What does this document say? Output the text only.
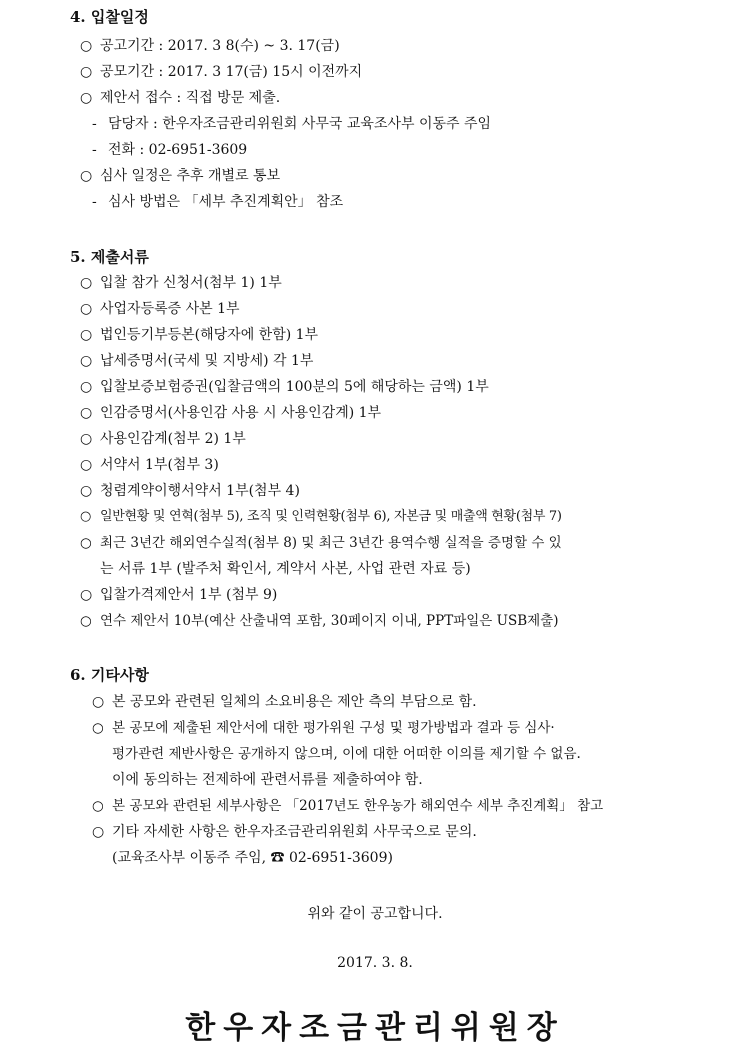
4. 입찰일정
○ 공고기간 : 2017. 3 8(수) ~ 3. 17(금)
○ 공모기간 : 2017. 3 17(금) 15시 이전까지
○ 제안서 접수 : 직접 방문 제출.
- 담당자 : 한우자조금관리위원회 사무국 교육조사부 이동주 주임
- 전화 : 02-6951-3609
○ 심사 일정은 추후 개별로 통보
- 심사 방법은 「세부 추진계획안」 참조
5. 제출서류
○ 입찰 참가 신청서(첨부 1) 1부
○ 사업자등록증 사본 1부
○ 법인등기부등본(해당자에 한함) 1부
○ 납세증명서(국세 및 지방세) 각 1부
○ 입찰보증보험증권(입찰금액의 100분의 5에 해당하는 금액) 1부
○ 인감증명서(사용인감 사용 시 사용인감계) 1부
○ 사용인감계(첨부 2) 1부
○ 서약서 1부(첨부 3)
○ 청렴계약이행서약서 1부(첨부 4)
○ 일반현황 및 연혁(첨부 5), 조직 및 인력현황(첨부 6), 자본금 및 매출액 현황(첨부 7)
○ 최근 3년간 해외연수실적(첨부 8) 및 최근 3년간 용역수행 실적을 증명할 수 있
는 서류 1부 (발주처 확인서, 계약서 사본, 사업 관련 자료 등)
○ 입찰가격제안서 1부 (첨부 9)
○ 연수 제안서 10부(예산 산출내역 포함, 30페이지 이내, PPT파일은 USB제출)
6. 기타사항
○ 본 공모와 관련된 일체의 소요비용은 제안 측의 부담으로 함.
○ 본 공모에 제출된 제안서에 대한 평가위원 구성 및 평가방법과 결과 등 심사·
평가관련 제반사항은 공개하지 않으며, 이에 대한 어떠한 이의를 제기할 수 없음.
이에 동의하는 전제하에 관련서류를 제출하여야 함.
○ 본 공모와 관련된 세부사항은 「2017년도 한우농가 해외연수 세부 추진계획」 참고
○ 기타 자세한 사항은 한우자조금관리위원회 사무국으로 문의.
(교육조사부 이동주 주임, ☎ 02-6951-3609)
위와 같이 공고합니다.
2017. 3. 8.
한우자조금관리위원장
